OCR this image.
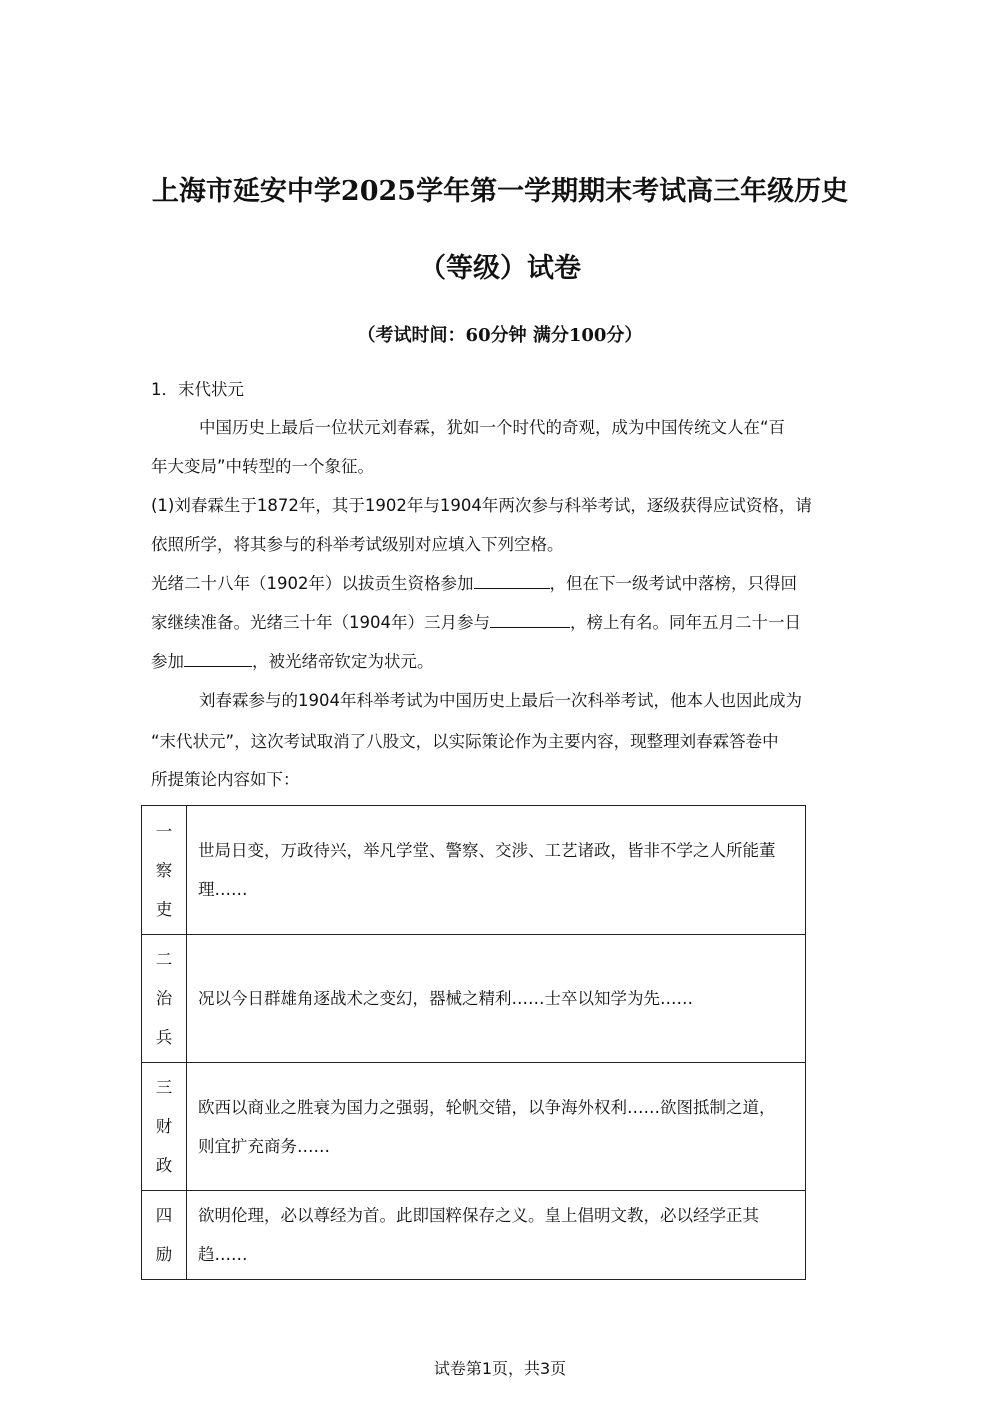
上海市延安中学2025学年第一学期期末考试高三年级历史
（等级）试卷
（考试时间：60分钟 满分100分）
1．末代状元
中国历史上最后一位状元刘春霖，犹如一个时代的奇观，成为中国传统文人在“百
年大变局”中转型的一个象征。
(1)刘春霖生于1872年，其于1902年与1904年两次参与科举考试，逐级获得应试资格，请
依照所学，将其参与的科举考试级别对应填入下列空格。
光绪二十八年（1902年）以拔贡生资格参加	，但在下一级考试中落榜，只得回
家继续准备。光绪三十年（1904年）三月参与	，榜上有名。同年五月二十一日
参加	，被光绪帝钦定为状元。
刘春霖参与的1904年科举考试为中国历史上最后一次科举考试，他本人也因此成为
“末代状元”，这次考试取消了八股文，以实际策论作为主要内容，现整理刘春霖答卷中
所提策论内容如下：
一
察
吏	世局日变，万政待兴，举凡学堂、警察、交涉、工艺诸政，皆非不学之人所能董理……

二
治
兵	况以今日群雄角逐战术之变幻，器械之精利……士卒以知学为先……

三
财
政	欧西以商业之胜衰为国力之强弱，轮帆交错，以争海外权利……欲图抵制之道，则宜扩充商务……

四
励	欲明伦理，必以尊经为首。此即国粹保存之义。皇上倡明文教，必以经学正其趋……
试卷第1页，共3页
